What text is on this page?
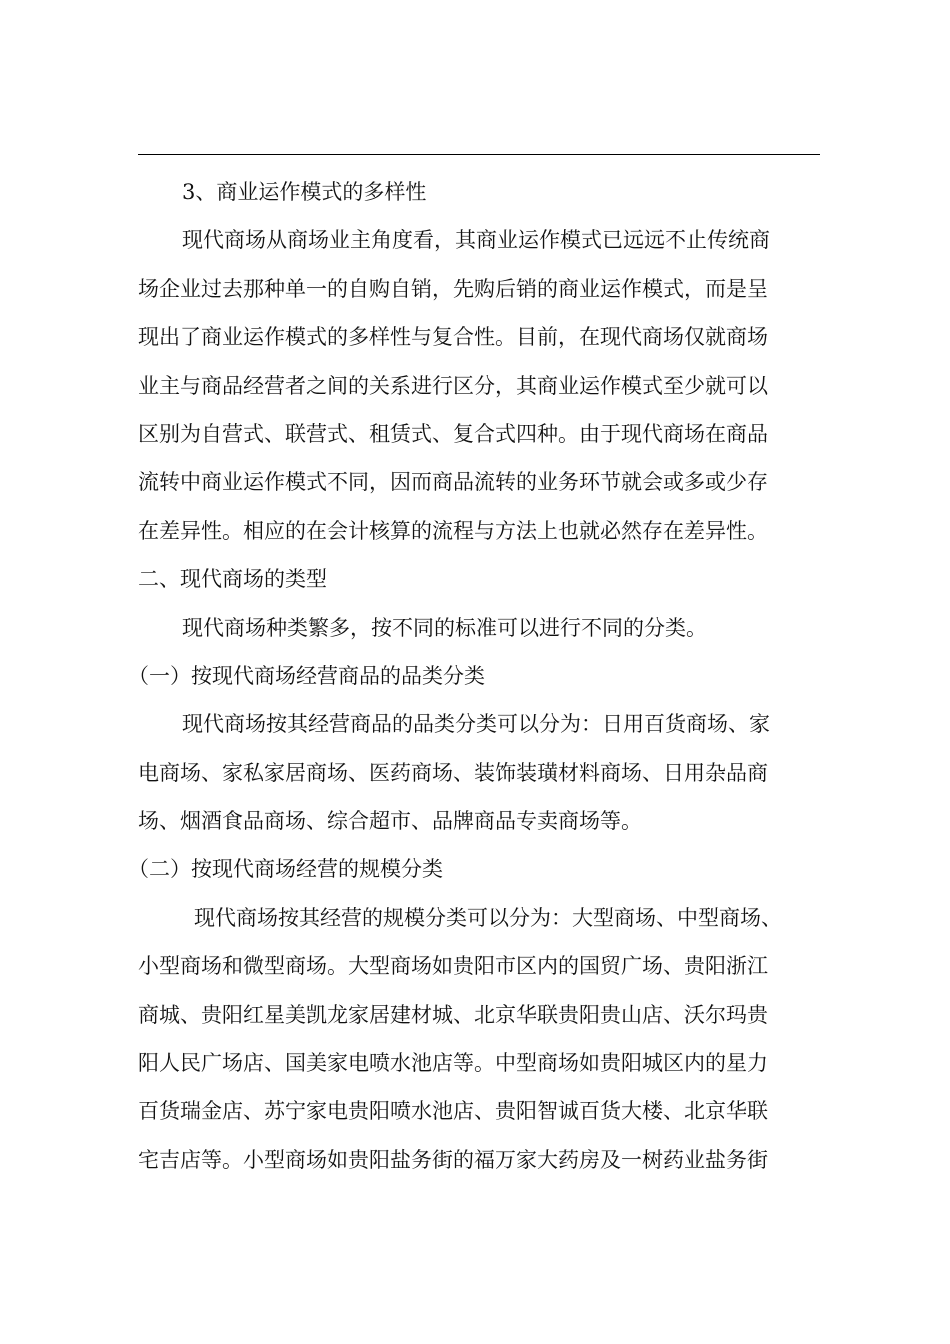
3、商业运作模式的多样性
现代商场从商场业主角度看，其商业运作模式已远远不止传统商
场企业过去那种单一的自购自销，先购后销的商业运作模式，而是呈
现出了商业运作模式的多样性与复合性。目前，在现代商场仅就商场
业主与商品经营者之间的关系进行区分，其商业运作模式至少就可以
区别为自营式、联营式、租赁式、复合式四种。由于现代商场在商品
流转中商业运作模式不同，因而商品流转的业务环节就会或多或少存
在差异性。相应的在会计核算的流程与方法上也就必然存在差异性。
二、现代商场的类型
现代商场种类繁多，按不同的标准可以进行不同的分类。
（一）按现代商场经营商品的品类分类
现代商场按其经营商品的品类分类可以分为：日用百货商场、家
电商场、家私家居商场、医药商场、装饰装璜材料商场、日用杂品商
场、烟酒食品商场、综合超市、品牌商品专卖商场等。
（二）按现代商场经营的规模分类
现代商场按其经营的规模分类可以分为：大型商场、中型商场、
小型商场和微型商场。大型商场如贵阳市区内的国贸广场、贵阳浙江
商城、贵阳红星美凯龙家居建材城、北京华联贵阳贵山店、沃尔玛贵
阳人民广场店、国美家电喷水池店等。中型商场如贵阳城区内的星力
百货瑞金店、苏宁家电贵阳喷水池店、贵阳智诚百货大楼、北京华联
宅吉店等。小型商场如贵阳盐务街的福万家大药房及一树药业盐务街
